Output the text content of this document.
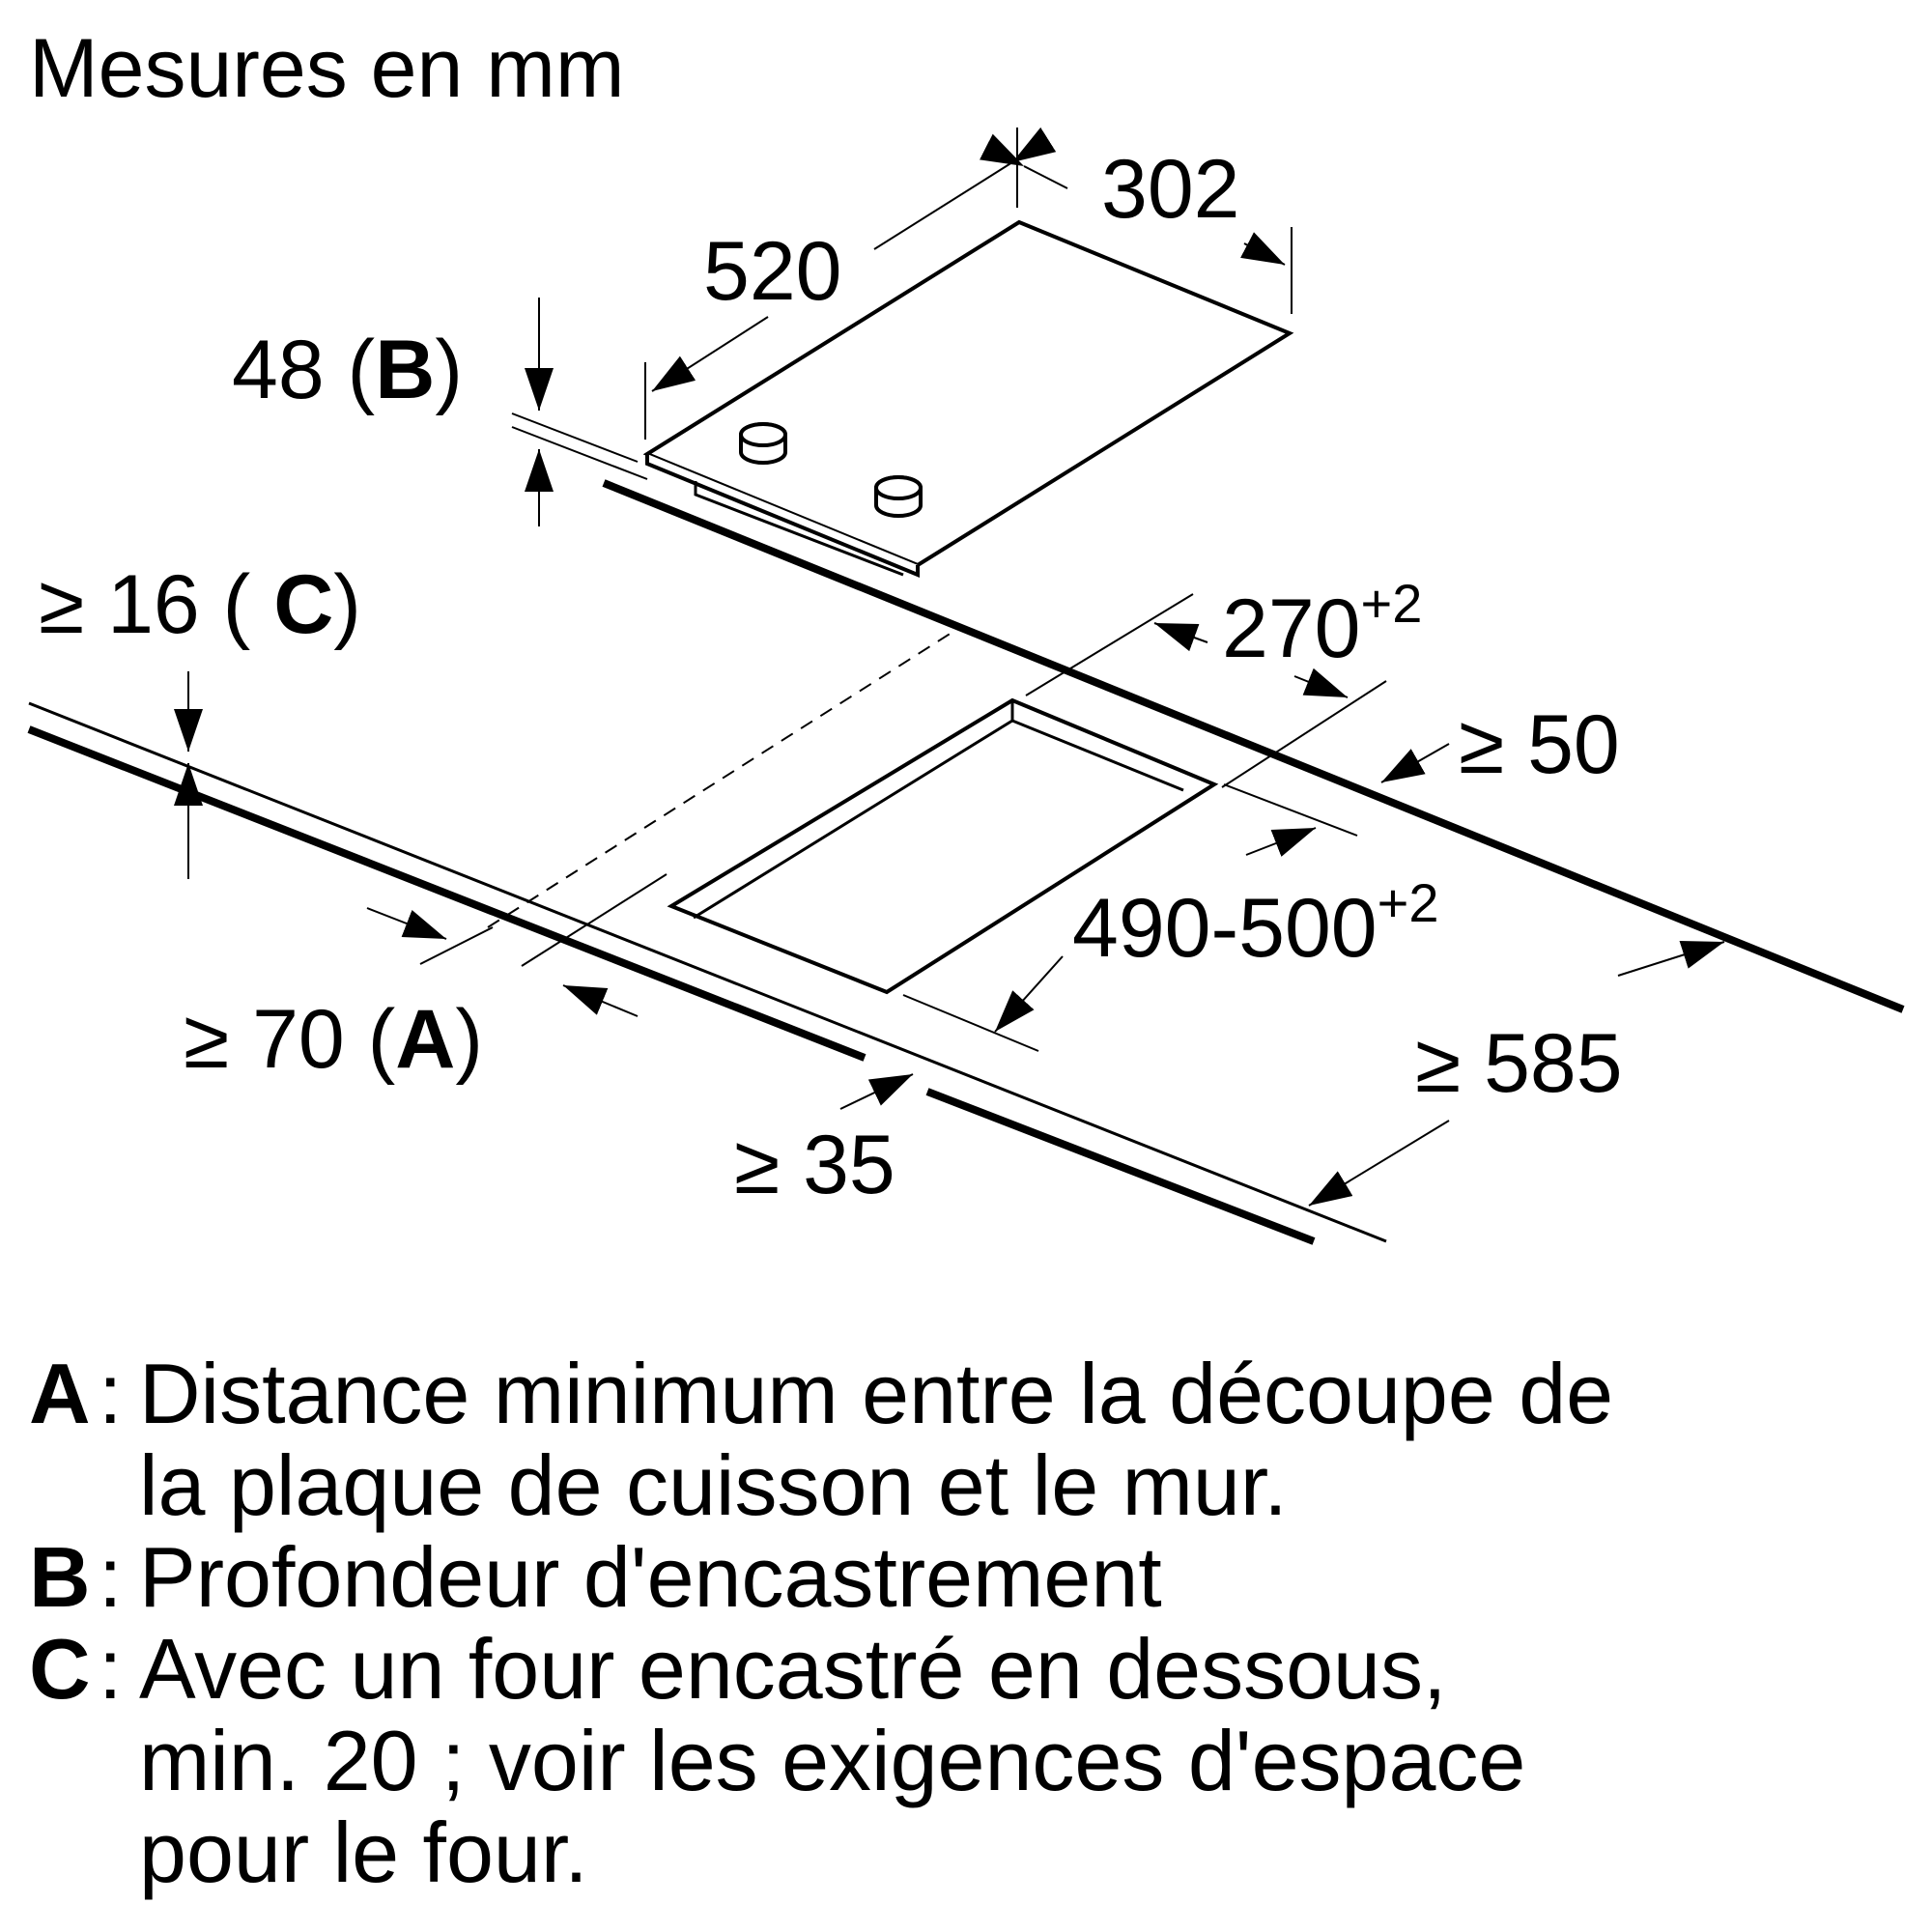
Mesures en mm
302
520
48 (B)
≥ 16 ( C)	$270^{+2}$
≥ 50
$490-500^{+2}$
≥ 585
≥ 70 (A)
≥ 35
A : Distance minimum entre la découpe de
la plaque de cuisson et le mur.
B : Profondeur d'encastrement
C : Avec un four encastré en dessous,
min. 20 ; voir les exigences d'espace
pour le four.
